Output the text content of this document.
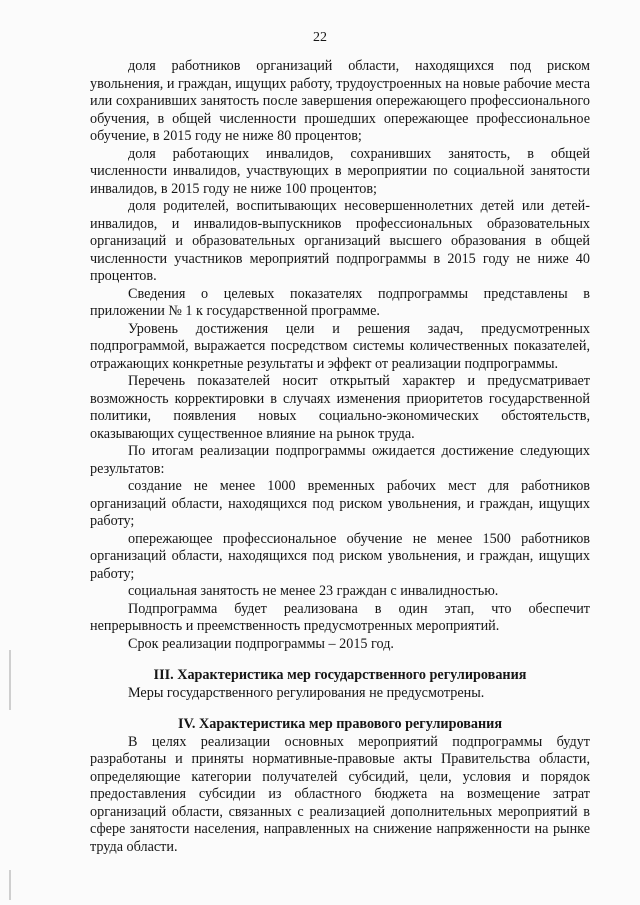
22

доля работников организаций области, находящихся под риском увольнения, и граждан, ищущих работу, трудоустроенных на новые рабочие места или сохранивших занятость после завершения опережающего профессионального обучения, в общей численности прошедших опережающее профессиональное обучение, в 2015 году не ниже 80 процентов;

доля работающих инвалидов, сохранивших занятость, в общей численности инвалидов, участвующих в мероприятии по социальной занятости инвалидов, в 2015 году не ниже 100 процентов;

доля родителей, воспитывающих несовершеннолетних детей или детей-инвалидов, и инвалидов-выпускников профессиональных образовательных организаций и образовательных организаций высшего образования в общей численности участников мероприятий подпрограммы в 2015 году не ниже 40 процентов.

Сведения о целевых показателях подпрограммы представлены в приложении № 1 к государственной программе.

Уровень достижения цели и решения задач, предусмотренных подпрограммой, выражается посредством системы количественных показателей, отражающих конкретные результаты и эффект от реализации подпрограммы.

Перечень показателей носит открытый характер и предусматривает возможность корректировки в случаях изменения приоритетов государственной политики, появления новых социально-экономических обстоятельств, оказывающих существенное влияние на рынок труда.

По итогам реализации подпрограммы ожидается достижение следующих результатов:

создание не менее 1000 временных рабочих мест для работников организаций области, находящихся под риском увольнения, и граждан, ищущих работу;

опережающее профессиональное обучение не менее 1500 работников организаций области, находящихся под риском увольнения, и граждан, ищущих работу;

социальная занятость не менее 23 граждан с инвалидностью.

Подпрограмма будет реализована в один этап, что обеспечит непрерывность и преемственность предусмотренных мероприятий.

Срок реализации подпрограммы – 2015 год.

III. Характеристика мер государственного регулирования

Меры государственного регулирования не предусмотрены.

IV. Характеристика мер правового регулирования

В целях реализации основных мероприятий подпрограммы будут разработаны и приняты нормативные-правовые акты Правительства области, определяющие категории получателей субсидий, цели, условия и порядок предоставления субсидии из областного бюджета на возмещение затрат организаций области, связанных с реализацией дополнительных мероприятий в сфере занятости населения, направленных на снижение напряженности на рынке труда области.
